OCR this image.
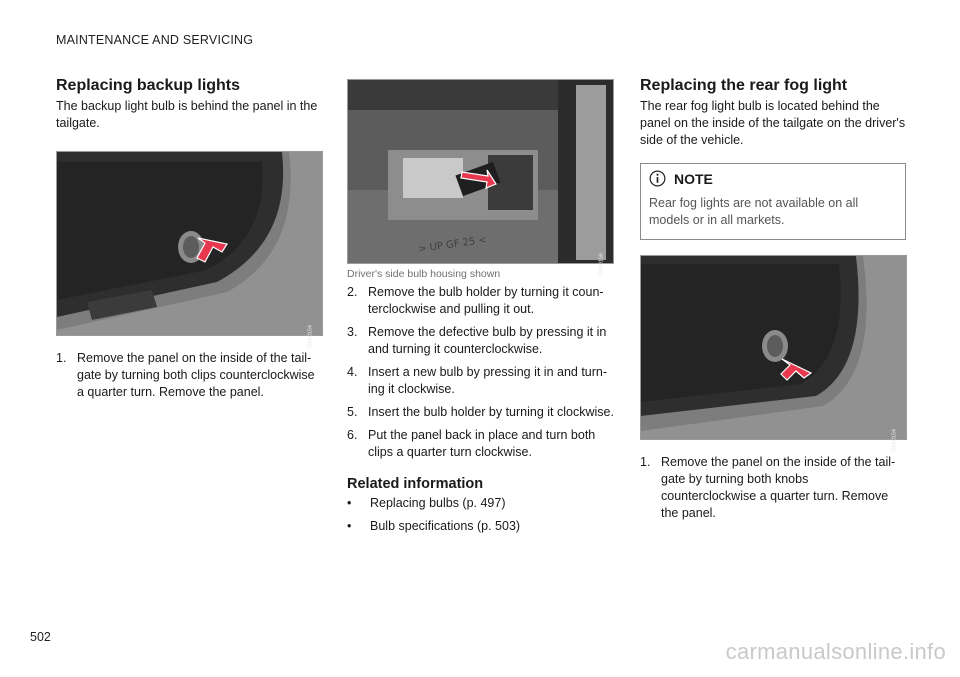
MAINTENANCE AND SERVICING
Replacing backup lights

The backup light bulb is behind the panel in the tailgate.

G060154
1. Remove the panel on the inside of the tail-gate by turning both clips counterclockwise a quarter turn. Remove the panel.
> UP GF 25 <
G060156
Driver's side bulb housing shown
2. Remove the bulb holder by turning it coun-terclockwise and pulling it out.
3. Remove the defective bulb by pressing it in and turning it counterclockwise.
4. Insert a new bulb by pressing it in and turn-ing it clockwise.
5. Insert the bulb holder by turning it clockwise.
6. Put the panel back in place and turn both clips a quarter turn clockwise.
Related information
•	Replacing bulbs (p. 497)
•	Bulb specifications (p. 503)
Replacing the rear fog light

The rear fog light bulb is located behind the panel on the inside of the tailgate on the driver's side of the vehicle.

NOTE
Rear fog lights are not available on all models or in all markets.
G060154
1. Remove the panel on the inside of the tail-gate by turning both knobs counterclockwise a quarter turn. Remove the panel.
502
carmanualsonline.info
